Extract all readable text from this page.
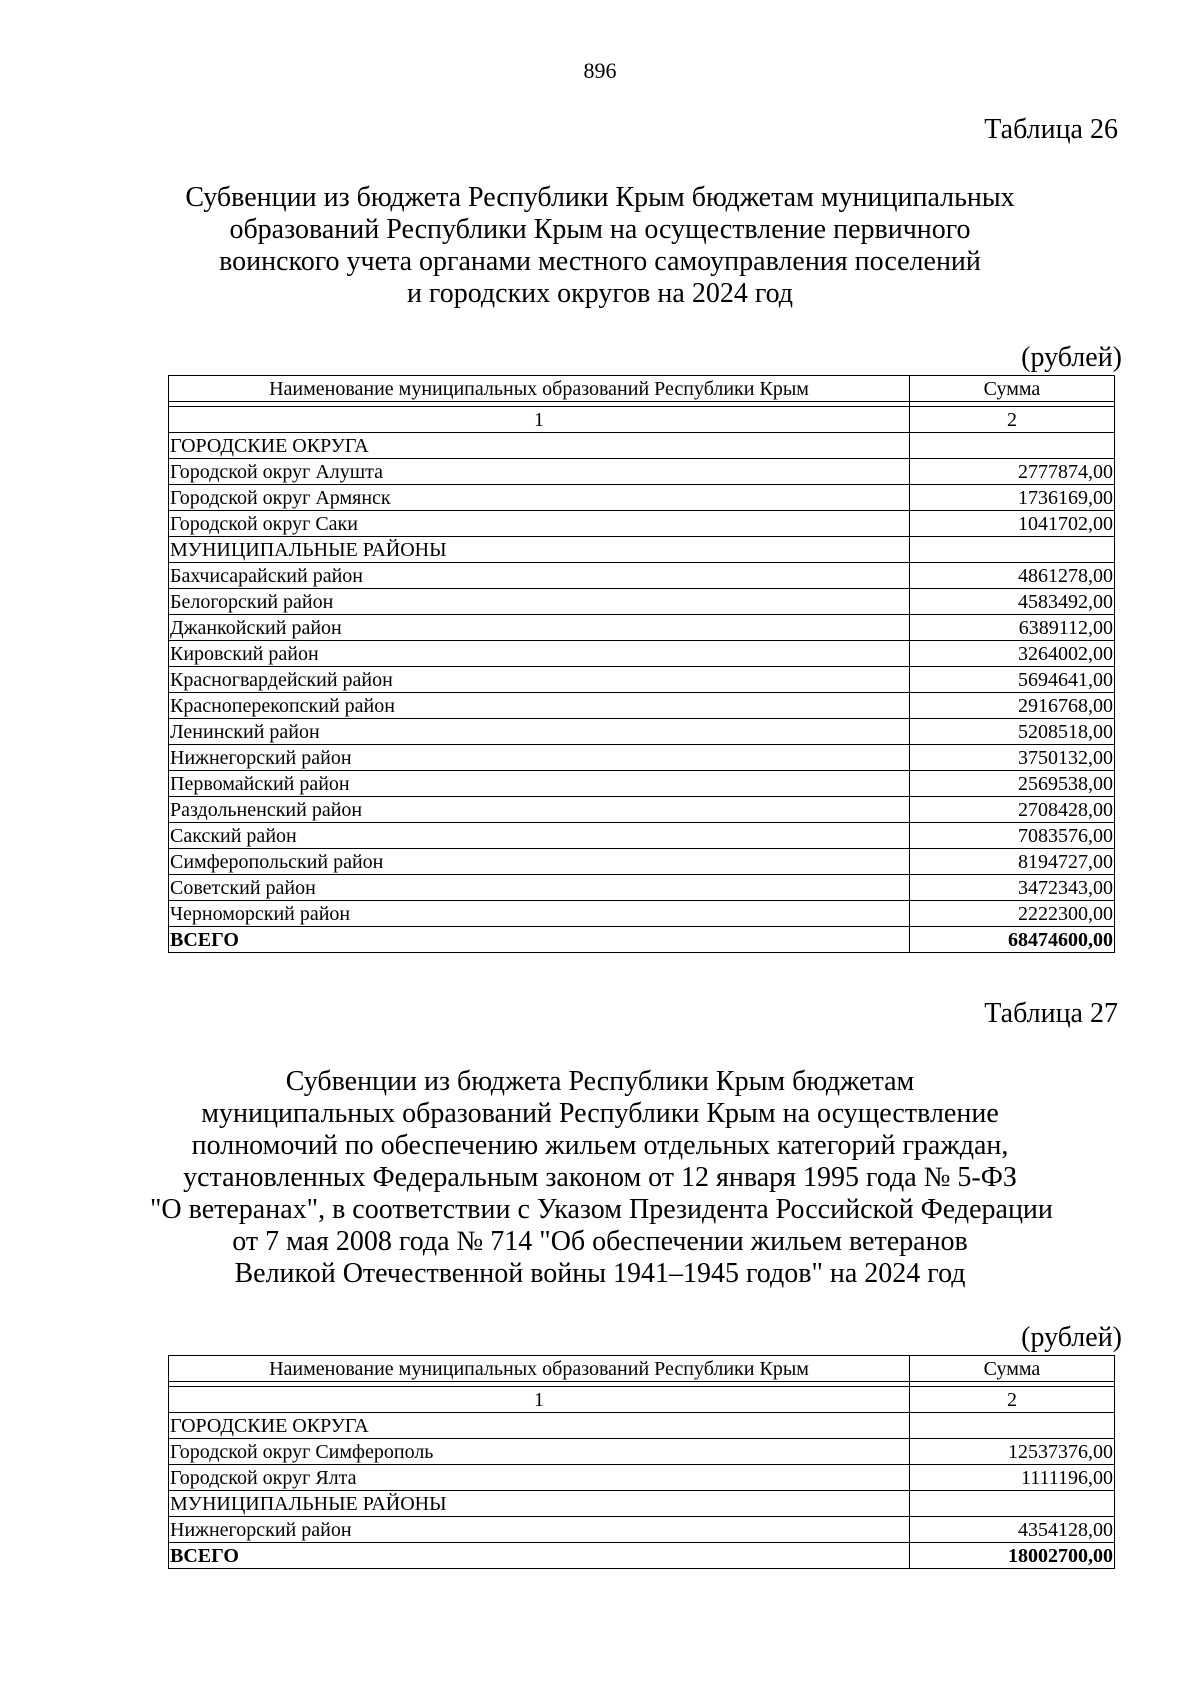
896
Таблица 26
Субвенции из бюджета Республики Крым бюджетам муниципальных
образований Республики Крым на осуществление первичного
воинского учета органами местного самоуправления поселений
и городских округов на 2024 год
(рублей)
Наименование муниципальных образований Республики Крым	Сумма

1	2
ГОРОДСКИЕ ОКРУГА	
Городской округ Алушта	2777874,00
Городской округ Армянск	1736169,00
Городской округ Саки	1041702,00
МУНИЦИПАЛЬНЫЕ РАЙОНЫ	
Бахчисарайский район	4861278,00
Белогорский район	4583492,00
Джанкойский район	6389112,00
Кировский район	3264002,00
Красногвардейский район	5694641,00
Красноперекопский район	2916768,00
Ленинский район	5208518,00
Нижнегорский район	3750132,00
Первомайский район	2569538,00
Раздольненский район	2708428,00
Сакский район	7083576,00
Симферопольский район	8194727,00
Советский район	3472343,00
Черноморский район	2222300,00
ВСЕГО	68474600,00
Таблица 27
Субвенции из бюджета Республики Крым бюджетам
муниципальных образований Республики Крым на осуществление
полномочий по обеспечению жильем отдельных категорий граждан,
установленных Федеральным законом от 12 января 1995 года № 5-ФЗ
"О ветеранах", в соответствии с Указом Президента Российской Федерации
от 7 мая 2008 года № 714 "Об обеспечении жильем ветеранов
Великой Отечественной войны 1941–1945 годов" на 2024 год
(рублей)
Наименование муниципальных образований Республики Крым	Сумма

1	2
ГОРОДСКИЕ ОКРУГА	
Городской округ Симферополь	12537376,00
Городской округ Ялта	1111196,00
МУНИЦИПАЛЬНЫЕ РАЙОНЫ	
Нижнегорский район	4354128,00
ВСЕГО	18002700,00
